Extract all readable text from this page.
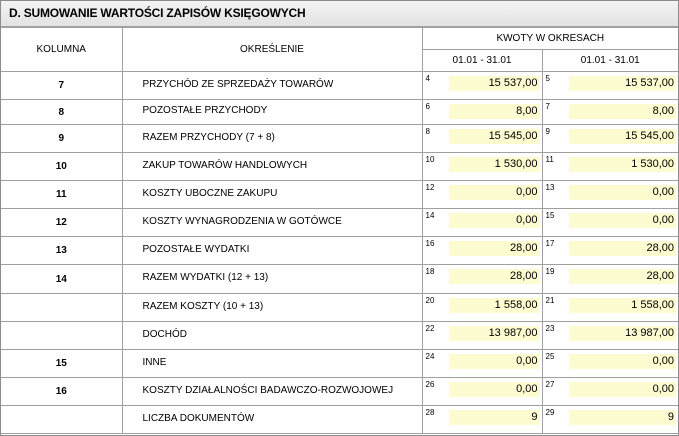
D. SUMOWANIE WARTOŚCI ZAPISÓW KSIĘGOWYCH
KOLUMNA	OKREŚLENIE	KWOTY W OKRESACH	
		01.01 - 31.01	01.01 - 31.01
7	PRZYCHÓD ZE SPRZEDAŻY TOWARÓW	4 15 537,00	5 15 537,00

8	POZOSTAŁE PRZYCHODY	6 8,00	7 8,00

9	RAZEM PRZYCHODY (7 + 8)	8 15 545,00	9 15 545,00

10	ZAKUP TOWARÓW HANDLOWYCH	10 1 530,00	11 1 530,00

11	KOSZTY UBOCZNE ZAKUPU	12 0,00	13 0,00

12	KOSZTY WYNAGRODZENIA W GOTÓWCE	14 0,00	15 0,00

13	POZOSTAŁE WYDATKI	16 28,00	17 28,00

14	RAZEM WYDATKI (12 + 13)	18 28,00	19 28,00

	RAZEM KOSZTY (10 + 13)	20 1 558,00	21 1 558,00

	DOCHÓD	22 13 987,00	23 13 987,00

15	INNE	24 0,00	25 0,00

16	KOSZTY DZIAŁALNOŚCI BADAWCZO-ROZWOJOWEJ	26 0,00	27 0,00

	LICZBA DOKUMENTÓW	28 9	29 9
